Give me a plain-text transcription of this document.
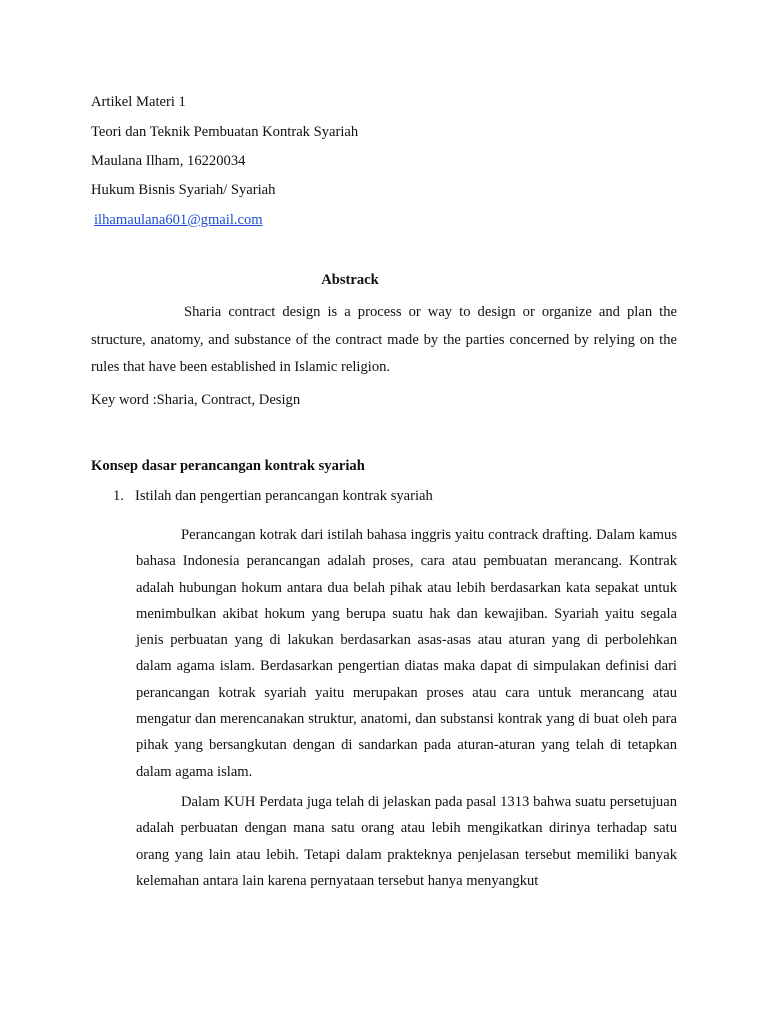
Artikel Materi 1
Teori dan Teknik Pembuatan Kontrak Syariah
Maulana Ilham, 16220034
Hukum Bisnis Syariah/ Syariah
ilhamaulana601@gmail.com
Abstrack
Sharia contract design is a process or way to design or organize and plan the structure, anatomy, and substance of the contract made by the parties concerned by relying on the rules that have been established in Islamic religion.
Key word :Sharia, Contract, Design
Konsep dasar perancangan kontrak syariah
1. Istilah dan pengertian perancangan kontrak syariah

Perancangan kotrak dari istilah bahasa inggris yaitu contrack drafting. Dalam kamus bahasa Indonesia perancangan adalah proses, cara atau pembuatan merancang. Kontrak adalah hubungan hokum antara dua belah pihak atau lebih berdasarkan kata sepakat untuk menimbulkan akibat hokum yang berupa suatu hak dan kewajiban. Syariah yaitu segala jenis perbuatan yang di lakukan berdasarkan asas-asas atau aturan yang di perbolehkan dalam agama islam. Berdasarkan pengertian diatas maka dapat di simpulakan definisi dari perancangan kotrak syariah yaitu merupakan proses atau cara untuk merancang atau mengatur dan merencanakan struktur, anatomi, dan substansi kontrak yang di buat oleh para pihak yang bersangkutan dengan di sandarkan pada aturan-aturan yang telah di tetapkan dalam agama islam.

Dalam KUH Perdata juga telah di jelaskan pada pasal 1313 bahwa suatu persetujuan adalah perbuatan dengan mana satu orang atau lebih mengikatkan dirinya terhadap satu orang yang lain atau lebih. Tetapi dalam prakteknya penjelasan tersebut memiliki banyak kelemahan antara lain karena pernyataan tersebut hanya menyangkut
